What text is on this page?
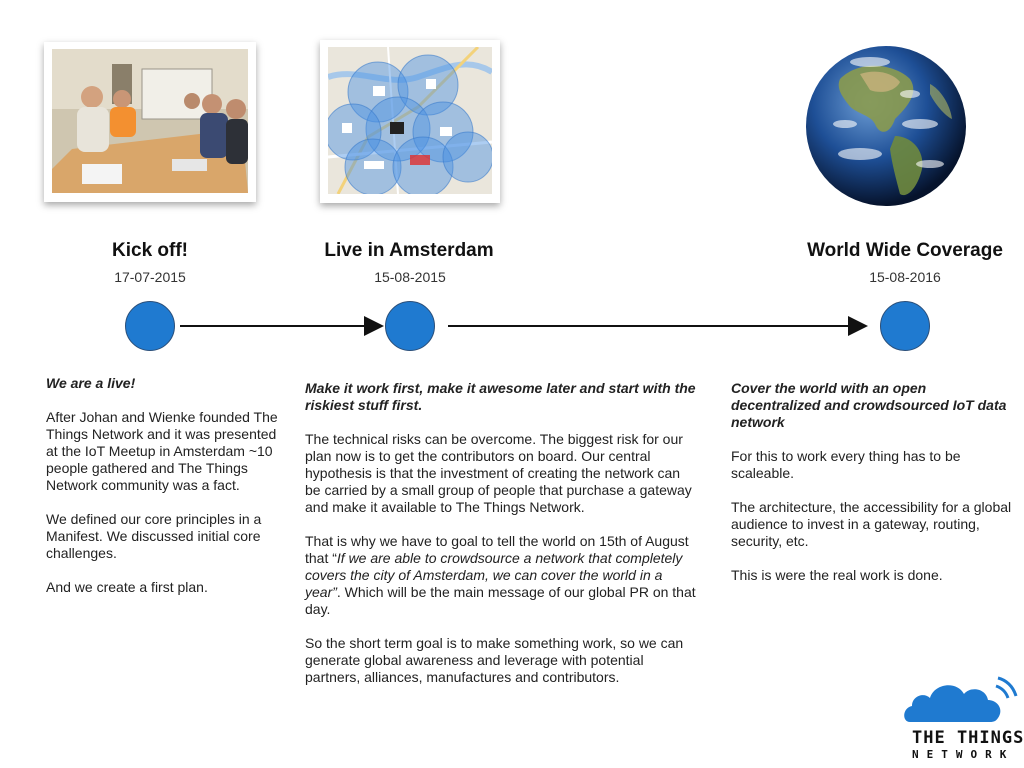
Kick off!
17-07-2015
Live in Amsterdam
15-08-2015
World Wide Coverage
15-08-2016

We are a live!

After Johan and Wienke founded The Things Network and it was presented at the IoT Meetup in Amsterdam ~10 people gathered and The Things Network community was a fact.

We defined our core principles in a Manifest. We discussed initial core challenges.

And we create a first plan.

Make it work first, make it awesome later and start with the riskiest stuff first.

The technical risks can be overcome. The biggest risk for our plan now is to get the contributors on board. Our central hypothesis is that the investment of creating the network can be carried by a small group of people that purchase a gateway and make it available to The Things Network.

That is why we have to goal to tell the world on 15th of August that “If we are able to crowdsource a network that completely covers the city of Amsterdam, we can cover the world in a year”. Which will be the main message of our global PR on that day.

So the short term goal is to make something work, so we can generate global awareness and leverage with potential partners, alliances, manufactures and contributors.

Cover the world with an open decentralized and crowdsourced IoT data network

For this to work every thing has to be scaleable.

The architecture, the accessibility for a global audience to invest in a gateway, routing, security, etc.

This is were the real work is done.

THE THINGS
NETWORK
